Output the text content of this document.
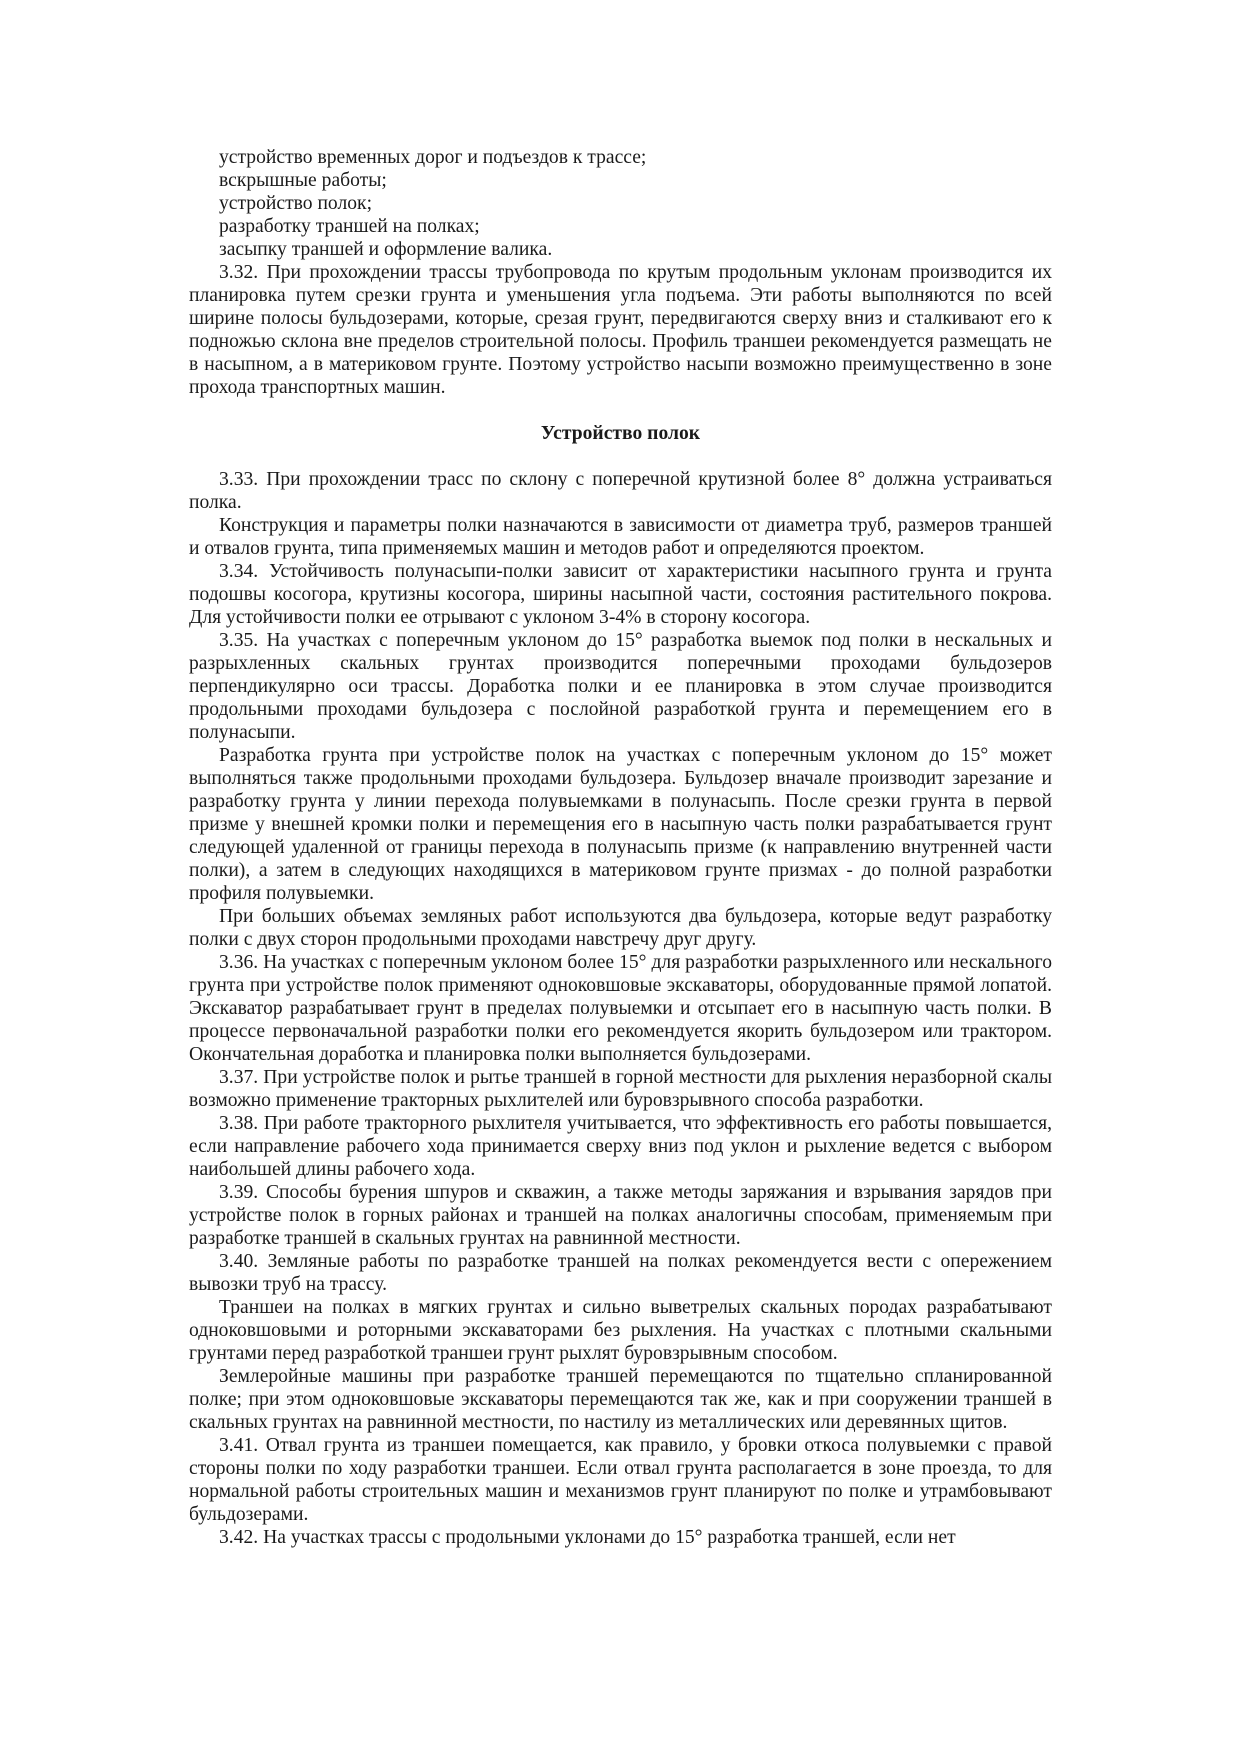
устройство временных дорог и подъездов к трассе;

вскрышные работы;

устройство полок;

разработку траншей на полках;

засыпку траншей и оформление валика.

3.32. При прохождении трассы трубопровода по крутым продольным уклонам производится их планировка путем срезки грунта и уменьшения угла подъема. Эти работы выполняются по всей ширине полосы бульдозерами, которые, срезая грунт, передвигаются сверху вниз и сталкивают его к подножью склона вне пределов строительной полосы. Профиль траншеи рекомендуется размещать не в насыпном, а в материковом грунте. Поэтому устройство насыпи возможно преимущественно в зоне прохода транспортных машин.

Устройство полок

3.33. При прохождении трасс по склону с поперечной крутизной более 8° должна устраиваться полка.

Конструкция и параметры полки назначаются в зависимости от диаметра труб, размеров траншей и отвалов грунта, типа применяемых машин и методов работ и определяются проектом.

3.34. Устойчивость полунасыпи-полки зависит от характеристики насыпного грунта и грунта подошвы косогора, крутизны косогора, ширины насыпной части, состояния растительного покрова. Для устойчивости полки ее отрывают с уклоном 3-4% в сторону косогора.

3.35. На участках с поперечным уклоном до 15° разработка выемок под полки в нескальных и разрыхленных скальных грунтах производится поперечными проходами бульдозеров перпендикулярно оси трассы. Доработка полки и ее планировка в этом случае производится продольными проходами бульдозера с послойной разработкой грунта и перемещением его в полунасыпи.

Разработка грунта при устройстве полок на участках с поперечным уклоном до 15° может выполняться также продольными проходами бульдозера. Бульдозер вначале производит зарезание и разработку грунта у линии перехода полувыемками в полунасыпь. После срезки грунта в первой призме у внешней кромки полки и перемещения его в насыпную часть полки разрабатывается грунт следующей удаленной от границы перехода в полунасыпь призме (к направлению внутренней части полки), а затем в следующих находящихся в материковом грунте призмах - до полной разработки профиля полувыемки.

При больших объемах земляных работ используются два бульдозера, которые ведут разработку полки с двух сторон продольными проходами навстречу друг другу.

3.36. На участках с поперечным уклоном более 15° для разработки разрыхленного или нескального грунта при устройстве полок применяют одноковшовые экскаваторы, оборудованные прямой лопатой. Экскаватор разрабатывает грунт в пределах полувыемки и отсыпает его в насыпную часть полки. В процессе первоначальной разработки полки его рекомендуется якорить бульдозером или трактором. Окончательная доработка и планировка полки выполняется бульдозерами.

3.37. При устройстве полок и рытье траншей в горной местности для рыхления неразборной скалы возможно применение тракторных рыхлителей или буровзрывного способа разработки.

3.38. При работе тракторного рыхлителя учитывается, что эффективность его работы повышается, если направление рабочего хода принимается сверху вниз под уклон и рыхление ведется с выбором наибольшей длины рабочего хода.

3.39. Способы бурения шпуров и скважин, а также методы заряжания и взрывания зарядов при устройстве полок в горных районах и траншей на полках аналогичны способам, применяемым при разработке траншей в скальных грунтах на равнинной местности.

3.40. Земляные работы по разработке траншей на полках рекомендуется вести с опережением вывозки труб на трассу.

Траншеи на полках в мягких грунтах и сильно выветрелых скальных породах разрабатывают одноковшовыми и роторными экскаваторами без рыхления. На участках с плотными скальными грунтами перед разработкой траншеи грунт рыхлят буровзрывным способом.

Землеройные машины при разработке траншей перемещаются по тщательно спланированной полке; при этом одноковшовые экскаваторы перемещаются так же, как и при сооружении траншей в скальных грунтах на равнинной местности, по настилу из металлических или деревянных щитов.

3.41. Отвал грунта из траншеи помещается, как правило, у бровки откоса полувыемки с правой стороны полки по ходу разработки траншеи. Если отвал грунта располагается в зоне проезда, то для нормальной работы строительных машин и механизмов грунт планируют по полке и утрамбовывают бульдозерами.

3.42. На участках трассы с продольными уклонами до 15° разработка траншей, если нет
